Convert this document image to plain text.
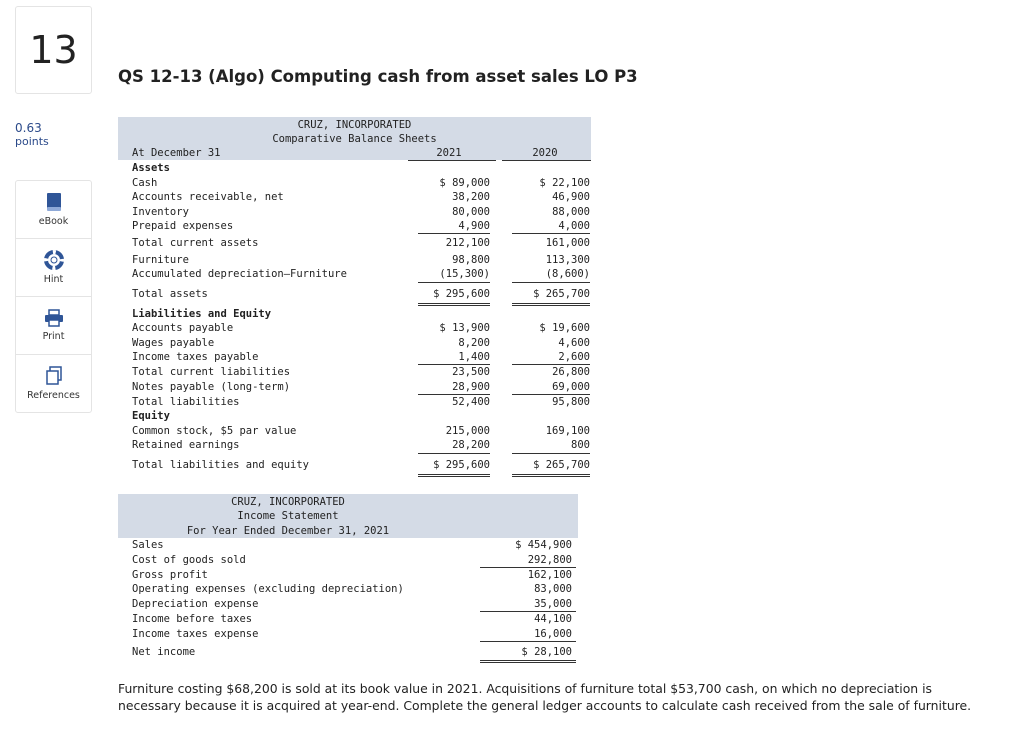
13
0.63
points
eBook
Hint
Print
References
QS 12-13 (Algo) Computing cash from asset sales LO P3
CRUZ, INCORPORATED
Comparative Balance Sheets
At December 31	2021	2020
Assets
Cash	$ 89,000	$ 22,100
Accounts receivable, net	38,200	46,900
Inventory	80,000	88,000
Prepaid expenses	4,900	4,000
Total current assets	212,100	161,000
Furniture	98,800	113,300
Accumulated depreciation—Furniture	(15,300)	(8,600)
Total assets	$ 295,600	$ 265,700
Liabilities and Equity
Accounts payable	$ 13,900	$ 19,600
Wages payable	8,200	4,600
Income taxes payable	1,400	2,600
Total current liabilities	23,500	26,800
Notes payable (long-term)	28,900	69,000
Total liabilities	52,400	95,800
Equity
Common stock, $5 par value	215,000	169,100
Retained earnings	28,200	800
Total liabilities and equity	$ 295,600	$ 265,700
CRUZ, INCORPORATED
Income Statement
For Year Ended December 31, 2021
Sales	$ 454,900
Cost of goods sold	292,800
Gross profit	162,100
Operating expenses (excluding depreciation)	83,000
Depreciation expense	35,000
Income before taxes	44,100
Income taxes expense	16,000
Net income	$ 28,100
Furniture costing $68,200 is sold at its book value in 2021. Acquisitions of furniture total $53,700 cash, on which no depreciation is necessary because it is acquired at year-end. Complete the general ledger accounts to calculate cash received from the sale of furniture.
